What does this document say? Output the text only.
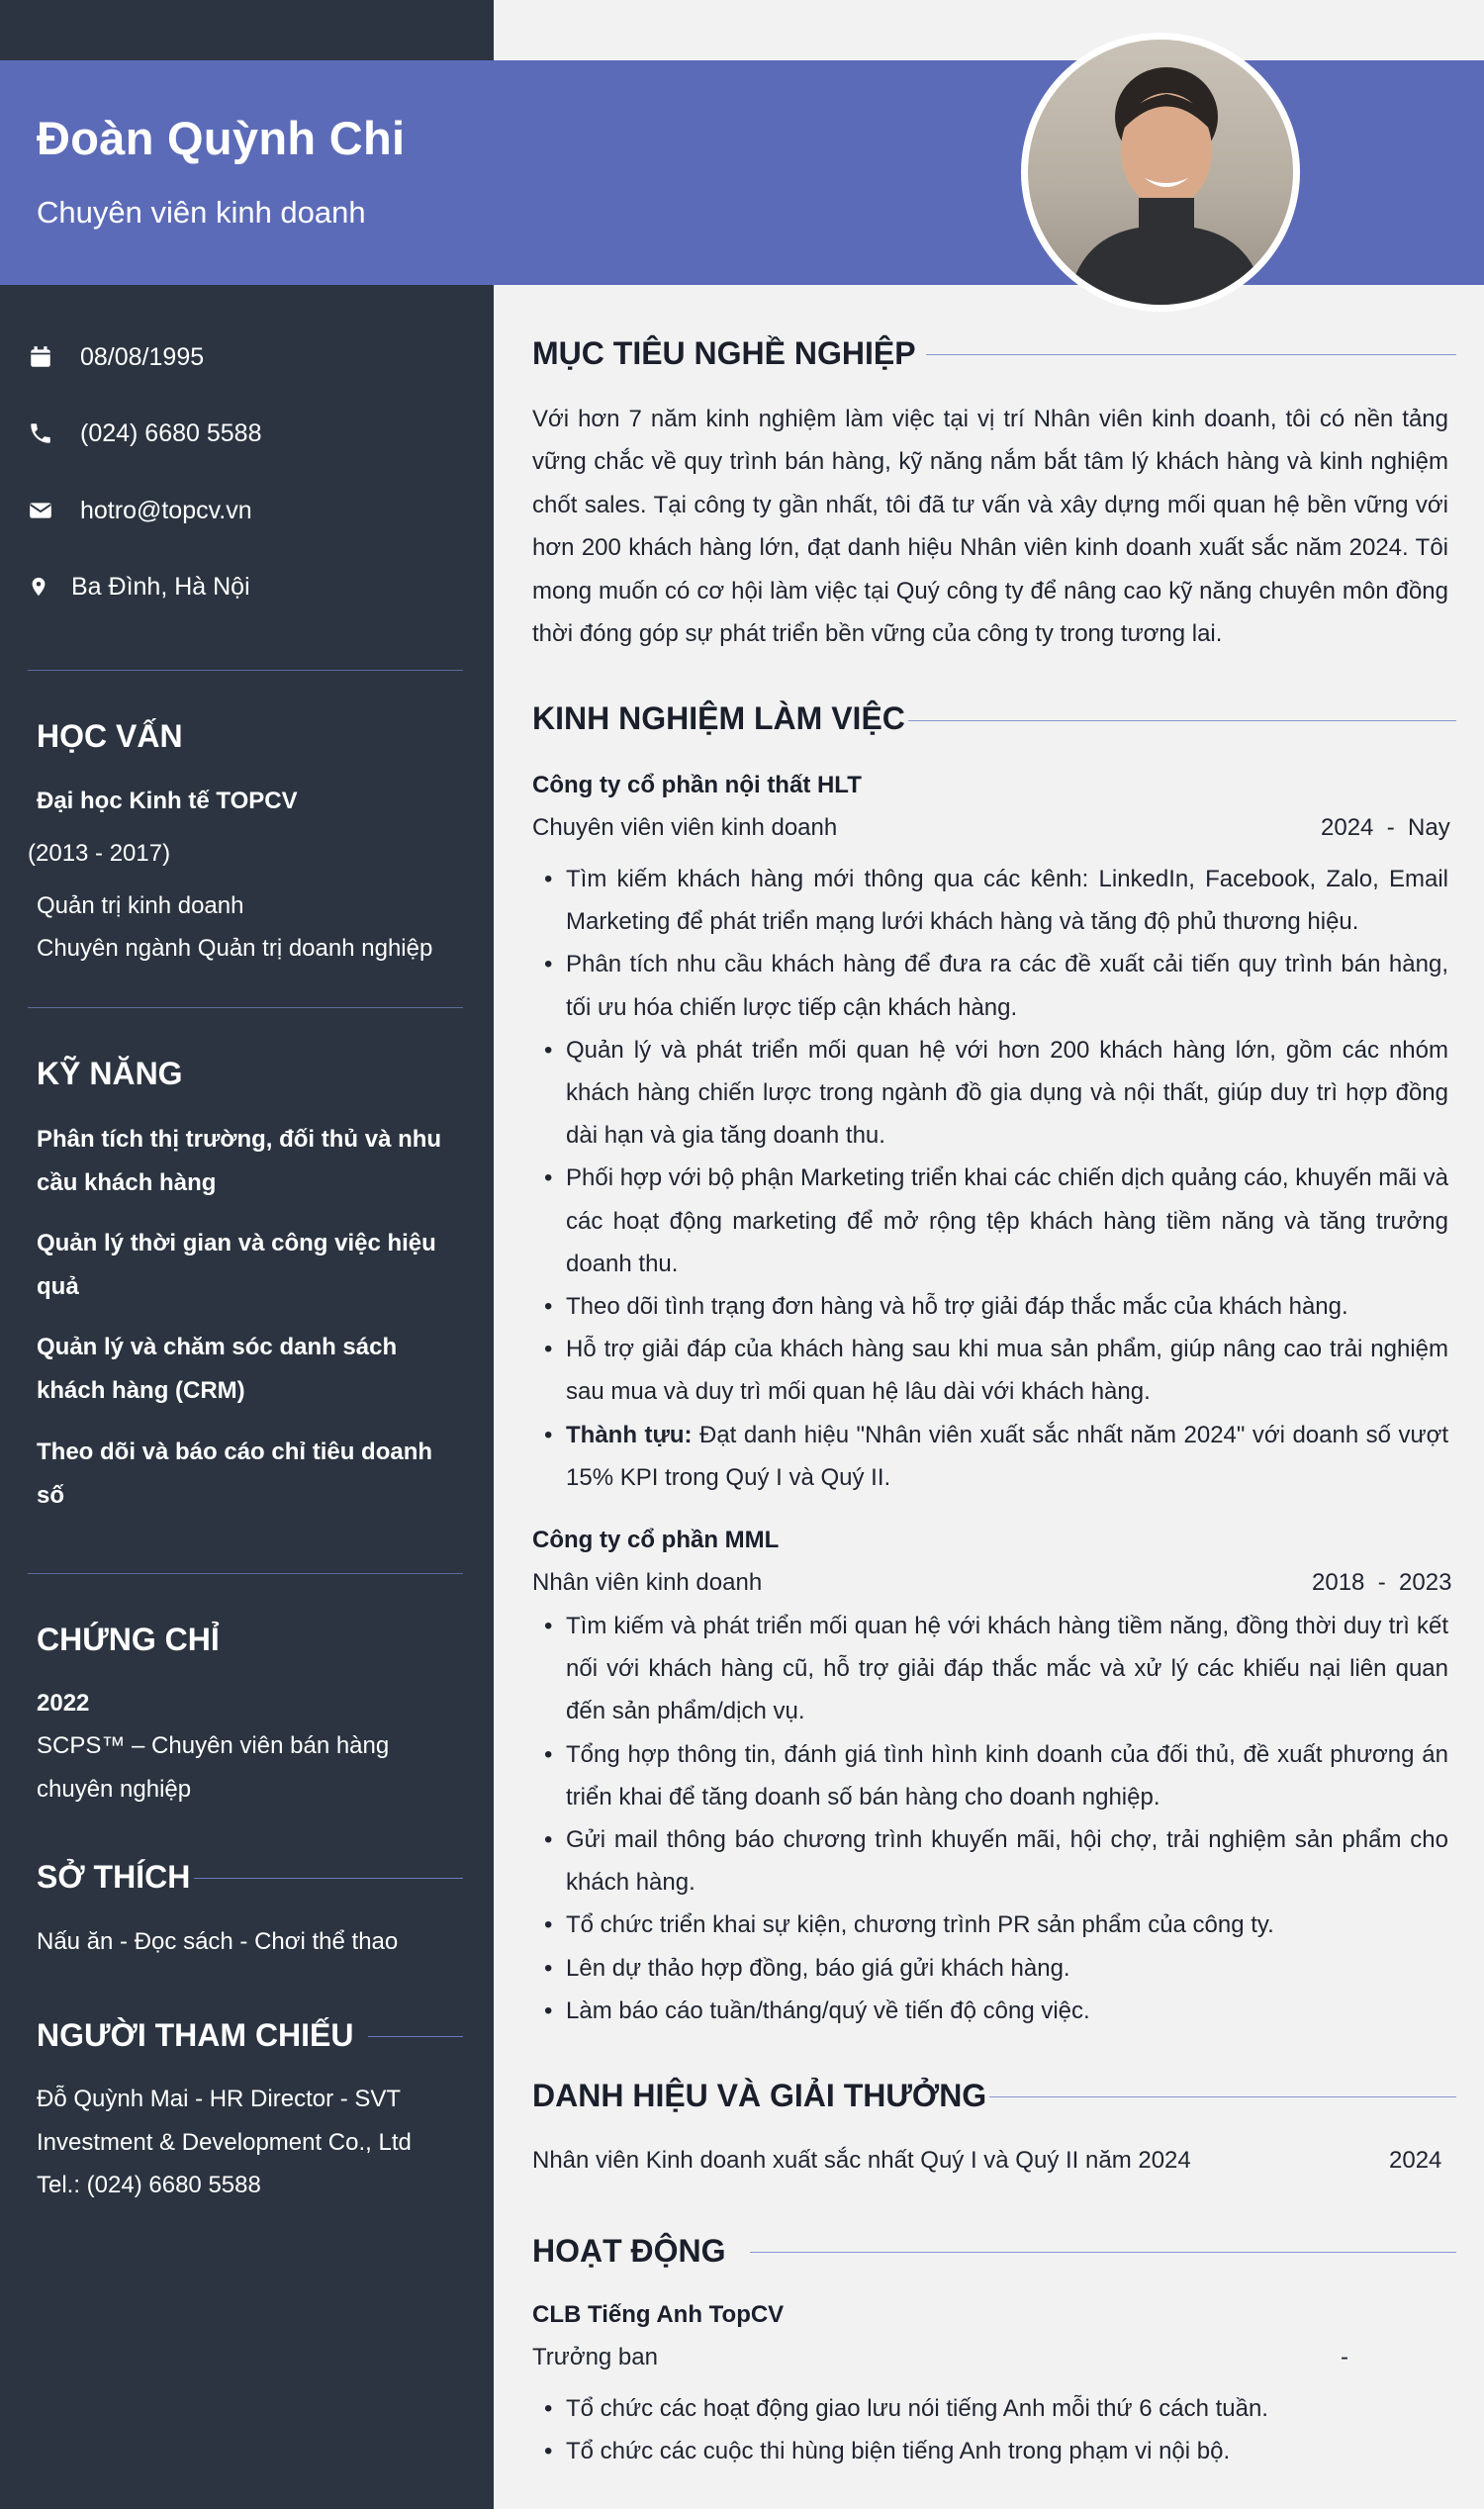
Đoàn Quỳnh Chi
Chuyên viên kinh doanh
08/08/1995
(024) 6680 5588
hotro@topcv.vn
Ba Đình, Hà Nội
HỌC VẤN
Đại học Kinh tế TOPCV
(2013 - 2017)
Quản trị kinh doanh
Chuyên ngành Quản trị doanh nghiệp
KỸ NĂNG
Phân tích thị trường, đối thủ và nhu cầu khách hàng
Quản lý thời gian và công việc hiệu quả
Quản lý và chăm sóc danh sách khách hàng (CRM)
Theo dõi và báo cáo chỉ tiêu doanh số
CHỨNG CHỈ
2022
SCPS™ – Chuyên viên bán hàng chuyên nghiệp
SỞ THÍCH
Nấu ăn - Đọc sách - Chơi thể thao
NGƯỜI THAM CHIẾU
Đỗ Quỳnh Mai - HR Director - SVT Investment & Development Co., Ltd
Tel.: (024) 6680 5588
MỤC TIÊU NGHỀ NGHIỆP
Với hơn 7 năm kinh nghiệm làm việc tại vị trí Nhân viên kinh doanh, tôi có nền tảng vững chắc về quy trình bán hàng, kỹ năng nắm bắt tâm lý khách hàng và kinh nghiệm chốt sales. Tại công ty gần nhất, tôi đã tư vấn và xây dựng mối quan hệ bền vững với hơn 200 khách hàng lớn, đạt danh hiệu Nhân viên kinh doanh xuất sắc năm 2024. Tôi mong muốn có cơ hội làm việc tại Quý công ty để nâng cao kỹ năng chuyên môn đồng thời đóng góp sự phát triển bền vững của công ty trong tương lai.
KINH NGHIỆM LÀM VIỆC
Công ty cổ phần nội thất HLT
Chuyên viên viên kinh doanh	2024  -  Nay
• Tìm kiếm khách hàng mới thông qua các kênh: LinkedIn, Facebook, Zalo, Email Marketing để phát triển mạng lưới khách hàng và tăng độ phủ thương hiệu.
• Phân tích nhu cầu khách hàng để đưa ra các đề xuất cải tiến quy trình bán hàng, tối ưu hóa chiến lược tiếp cận khách hàng.
• Quản lý và phát triển mối quan hệ với hơn 200 khách hàng lớn, gồm các nhóm khách hàng chiến lược trong ngành đồ gia dụng và nội thất, giúp duy trì hợp đồng dài hạn và gia tăng doanh thu.
• Phối hợp với bộ phận Marketing triển khai các chiến dịch quảng cáo, khuyến mãi và các hoạt động marketing để mở rộng tệp khách hàng tiềm năng và tăng trưởng doanh thu.
• Theo dõi tình trạng đơn hàng và hỗ trợ giải đáp thắc mắc của khách hàng.
• Hỗ trợ giải đáp của khách hàng sau khi mua sản phẩm, giúp nâng cao trải nghiệm sau mua và duy trì mối quan hệ lâu dài với khách hàng.
• Thành tựu: Đạt danh hiệu "Nhân viên xuất sắc nhất năm 2024" với doanh số vượt 15% KPI trong Quý I và Quý II.
Công ty cổ phần MML
Nhân viên kinh doanh	2018  -  2023
• Tìm kiếm và phát triển mối quan hệ với khách hàng tiềm năng, đồng thời duy trì kết nối với khách hàng cũ, hỗ trợ giải đáp thắc mắc và xử lý các khiếu nại liên quan đến sản phẩm/dịch vụ.
• Tổng hợp thông tin, đánh giá tình hình kinh doanh của đối thủ, đề xuất phương án triển khai để tăng doanh số bán hàng cho doanh nghiệp.
• Gửi mail thông báo chương trình khuyến mãi, hội chợ, trải nghiệm sản phẩm cho khách hàng.
• Tổ chức triển khai sự kiện, chương trình PR sản phẩm của công ty.
• Lên dự thảo hợp đồng, báo giá gửi khách hàng.
• Làm báo cáo tuần/tháng/quý về tiến độ công việc.
DANH HIỆU VÀ GIẢI THƯỞNG
Nhân viên Kinh doanh xuất sắc nhất Quý I và Quý II năm 2024	2024
HOẠT ĐỘNG
CLB Tiếng Anh TopCV
Trưởng ban	-
• Tổ chức các hoạt động giao lưu nói tiếng Anh mỗi thứ 6 cách tuần.
• Tổ chức các cuộc thi hùng biện tiếng Anh trong phạm vi nội bộ.
